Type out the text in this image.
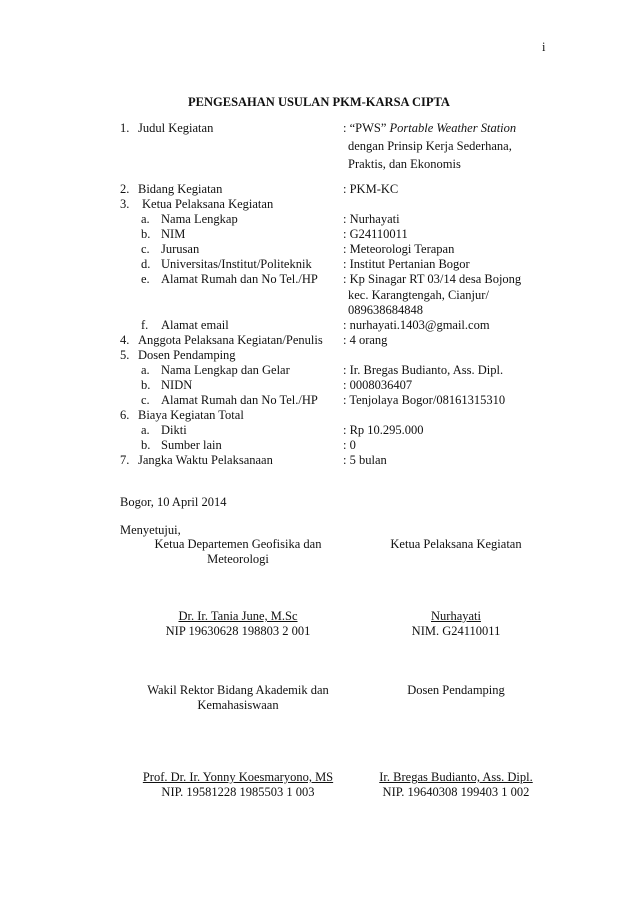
i
PENGESAHAN USULAN PKM-KARSA CIPTA
1. Judul Kegiatan	: “PWS” Portable Weather Station
dengan Prinsip Kerja Sederhana,
Praktis, dan Ekonomis
2. Bidang Kegiatan	: PKM-KC
3. Ketua Pelaksana Kegiatan
a. Nama Lengkap	: Nurhayati
b. NIM	: G24110011
c. Jurusan	: Meteorologi Terapan
d. Universitas/Institut/Politeknik	: Institut Pertanian Bogor
e. Alamat Rumah dan No Tel./HP : Kp Sinagar RT 03/14 desa Bojong
kec. Karangtengah, Cianjur/
089638684848
f. Alamat email	: nurhayati.1403@gmail.com
4. Anggota Pelaksana Kegiatan/Penulis : 4 orang
5. Dosen Pendamping
a. Nama Lengkap dan Gelar	: Ir. Bregas Budianto, Ass. Dipl.
b. NIDN	: 0008036407
c. Alamat Rumah dan No Tel./HP : Tenjolaya Bogor/08161315310
6. Biaya Kegiatan Total
a. Dikti	: Rp 10.295.000
b. Sumber lain	: 0
7. Jangka Waktu Pelaksanaan	: 5 bulan
Bogor, 10 April 2014
Menyetujui,
Ketua Departemen Geofisika dan
Meteorologi
Ketua Pelaksana Kegiatan
Dr. Ir. Tania June, M.Sc
NIP 19630628 198803 2 001
Nurhayati
NIM. G24110011
Wakil Rektor Bidang Akademik dan
Kemahasiswaan
Dosen Pendamping
Prof. Dr. Ir. Yonny Koesmaryono, MS
NIP. 19581228 1985503 1 003
Ir. Bregas Budianto, Ass. Dipl.
NIP. 19640308 199403 1 002
